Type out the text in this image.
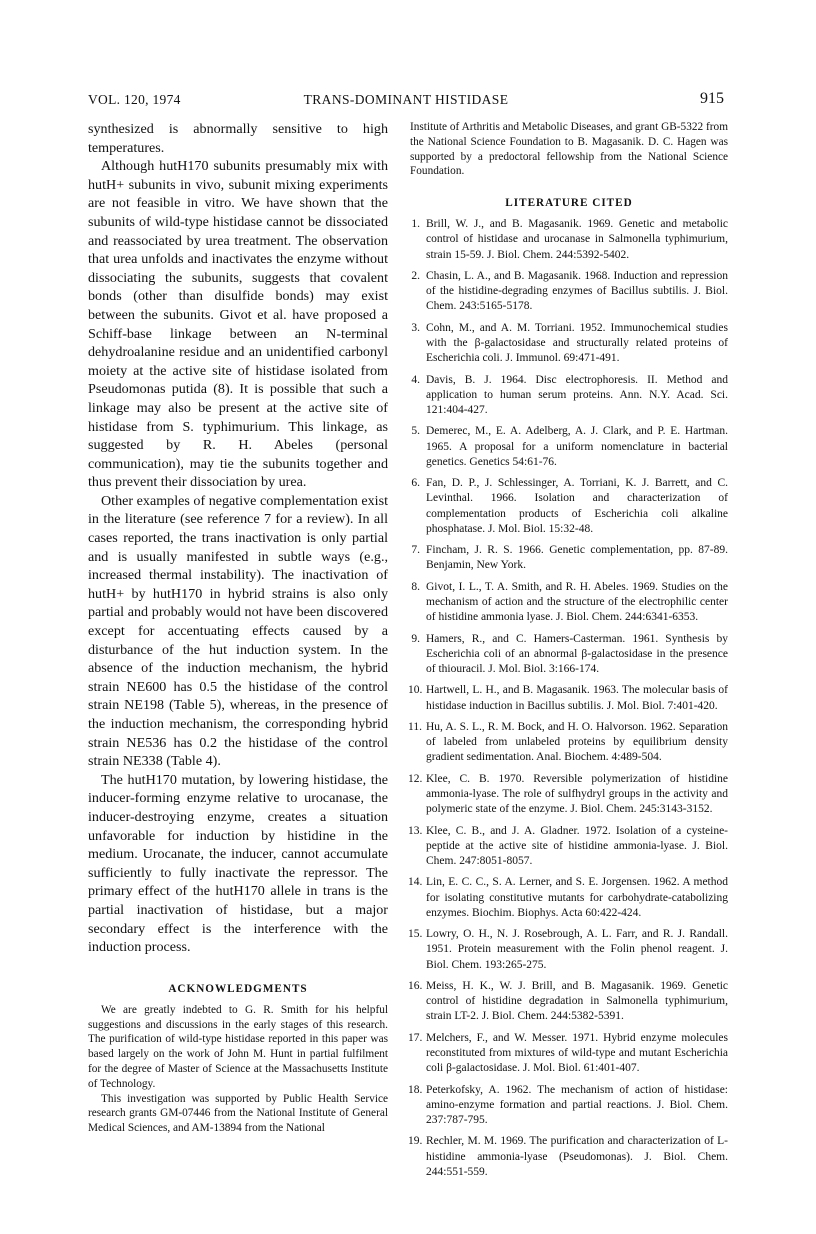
VOL. 120, 1974	TRANS-DOMINANT HISTIDASE	915

synthesized is abnormally sensitive to high temperatures.

Although hutH170 subunits presumably mix with hutH+ subunits in vivo, subunit mixing experiments are not feasible in vitro. We have shown that the subunits of wild-type histidase cannot be dissociated and reassociated by urea treatment. The observation that urea unfolds and inactivates the enzyme without dissociating the subunits, suggests that covalent bonds (other than disulfide bonds) may exist between the subunits. Givot et al. have proposed a Schiff-base linkage between an N-terminal dehydroalanine residue and an unidentified carbonyl moiety at the active site of histidase isolated from Pseudomonas putida (8). It is possible that such a linkage may also be present at the active site of histidase from S. typhimurium. This linkage, as suggested by R. H. Abeles (personal communication), may tie the subunits together and thus prevent their dissociation by urea.

Other examples of negative complementation exist in the literature (see reference 7 for a review). In all cases reported, the trans inactivation is only partial and is usually manifested in subtle ways (e.g., increased thermal instability). The inactivation of hutH+ by hutH170 in hybrid strains is also only partial and probably would not have been discovered except for accentuating effects caused by a disturbance of the hut induction system. In the absence of the induction mechanism, the hybrid strain NE600 has 0.5 the histidase of the control strain NE198 (Table 5), whereas, in the presence of the induction mechanism, the corresponding hybrid strain NE536 has 0.2 the histidase of the control strain NE338 (Table 4).

The hutH170 mutation, by lowering histidase, the inducer-forming enzyme relative to urocanase, the inducer-destroying enzyme, creates a situation unfavorable for induction by histidine in the medium. Urocanate, the inducer, cannot accumulate sufficiently to fully inactivate the repressor. The primary effect of the hutH170 allele in trans is the partial inactivation of histidase, but a major secondary effect is the interference with the induction process.

ACKNOWLEDGMENTS

We are greatly indebted to G. R. Smith for his helpful suggestions and discussions in the early stages of this research. The purification of wild-type histidase reported in this paper was based largely on the work of John M. Hunt in partial fulfilment for the degree of Master of Science at the Massachusetts Institute of Technology.

This investigation was supported by Public Health Service research grants GM-07446 from the National Institute of General Medical Sciences, and AM-13894 from the National

Institute of Arthritis and Metabolic Diseases, and grant GB-5322 from the National Science Foundation to B. Magasanik. D. C. Hagen was supported by a predoctoral fellowship from the National Science Foundation.

LITERATURE CITED
1. Brill, W. J., and B. Magasanik. 1969. Genetic and metabolic control of histidase and urocanase in Salmonella typhimurium, strain 15-59. J. Biol. Chem. 244:5392-5402.
2. Chasin, L. A., and B. Magasanik. 1968. Induction and repression of the histidine-degrading enzymes of Bacillus subtilis. J. Biol. Chem. 243:5165-5178.
3. Cohn, M., and A. M. Torriani. 1952. Immunochemical studies with the β-galactosidase and structurally related proteins of Escherichia coli. J. Immunol. 69:471-491.
4. Davis, B. J. 1964. Disc electrophoresis. II. Method and application to human serum proteins. Ann. N.Y. Acad. Sci. 121:404-427.
5. Demerec, M., E. A. Adelberg, A. J. Clark, and P. E. Hartman. 1965. A proposal for a uniform nomenclature in bacterial genetics. Genetics 54:61-76.
6. Fan, D. P., J. Schlessinger, A. Torriani, K. J. Barrett, and C. Levinthal. 1966. Isolation and characterization of complementation products of Escherichia coli alkaline phosphatase. J. Mol. Biol. 15:32-48.
7. Fincham, J. R. S. 1966. Genetic complementation, pp. 87-89. Benjamin, New York.
8. Givot, I. L., T. A. Smith, and R. H. Abeles. 1969. Studies on the mechanism of action and the structure of the electrophilic center of histidine ammonia lyase. J. Biol. Chem. 244:6341-6353.
9. Hamers, R., and C. Hamers-Casterman. 1961. Synthesis by Escherichia coli of an abnormal β-galactosidase in the presence of thiouracil. J. Mol. Biol. 3:166-174.
10. Hartwell, L. H., and B. Magasanik. 1963. The molecular basis of histidase induction in Bacillus subtilis. J. Mol. Biol. 7:401-420.
11. Hu, A. S. L., R. M. Bock, and H. O. Halvorson. 1962. Separation of labeled from unlabeled proteins by equilibrium density gradient sedimentation. Anal. Biochem. 4:489-504.
12. Klee, C. B. 1970. Reversible polymerization of histidine ammonia-lyase. The role of sulfhydryl groups in the activity and polymeric state of the enzyme. J. Biol. Chem. 245:3143-3152.
13. Klee, C. B., and J. A. Gladner. 1972. Isolation of a cysteine-peptide at the active site of histidine ammonia-lyase. J. Biol. Chem. 247:8051-8057.
14. Lin, E. C. C., S. A. Lerner, and S. E. Jorgensen. 1962. A method for isolating constitutive mutants for carbohydrate-catabolizing enzymes. Biochim. Biophys. Acta 60:422-424.
15. Lowry, O. H., N. J. Rosebrough, A. L. Farr, and R. J. Randall. 1951. Protein measurement with the Folin phenol reagent. J. Biol. Chem. 193:265-275.
16. Meiss, H. K., W. J. Brill, and B. Magasanik. 1969. Genetic control of histidine degradation in Salmonella typhimurium, strain LT-2. J. Biol. Chem. 244:5382-5391.
17. Melchers, F., and W. Messer. 1971. Hybrid enzyme molecules reconstituted from mixtures of wild-type and mutant Escherichia coli β-galactosidase. J. Mol. Biol. 61:401-407.
18. Peterkofsky, A. 1962. The mechanism of action of histidase: amino-enzyme formation and partial reactions. J. Biol. Chem. 237:787-795.
19. Rechler, M. M. 1969. The purification and characterization of L-histidine ammonia-lyase (Pseudomonas). J. Biol. Chem. 244:551-559.
